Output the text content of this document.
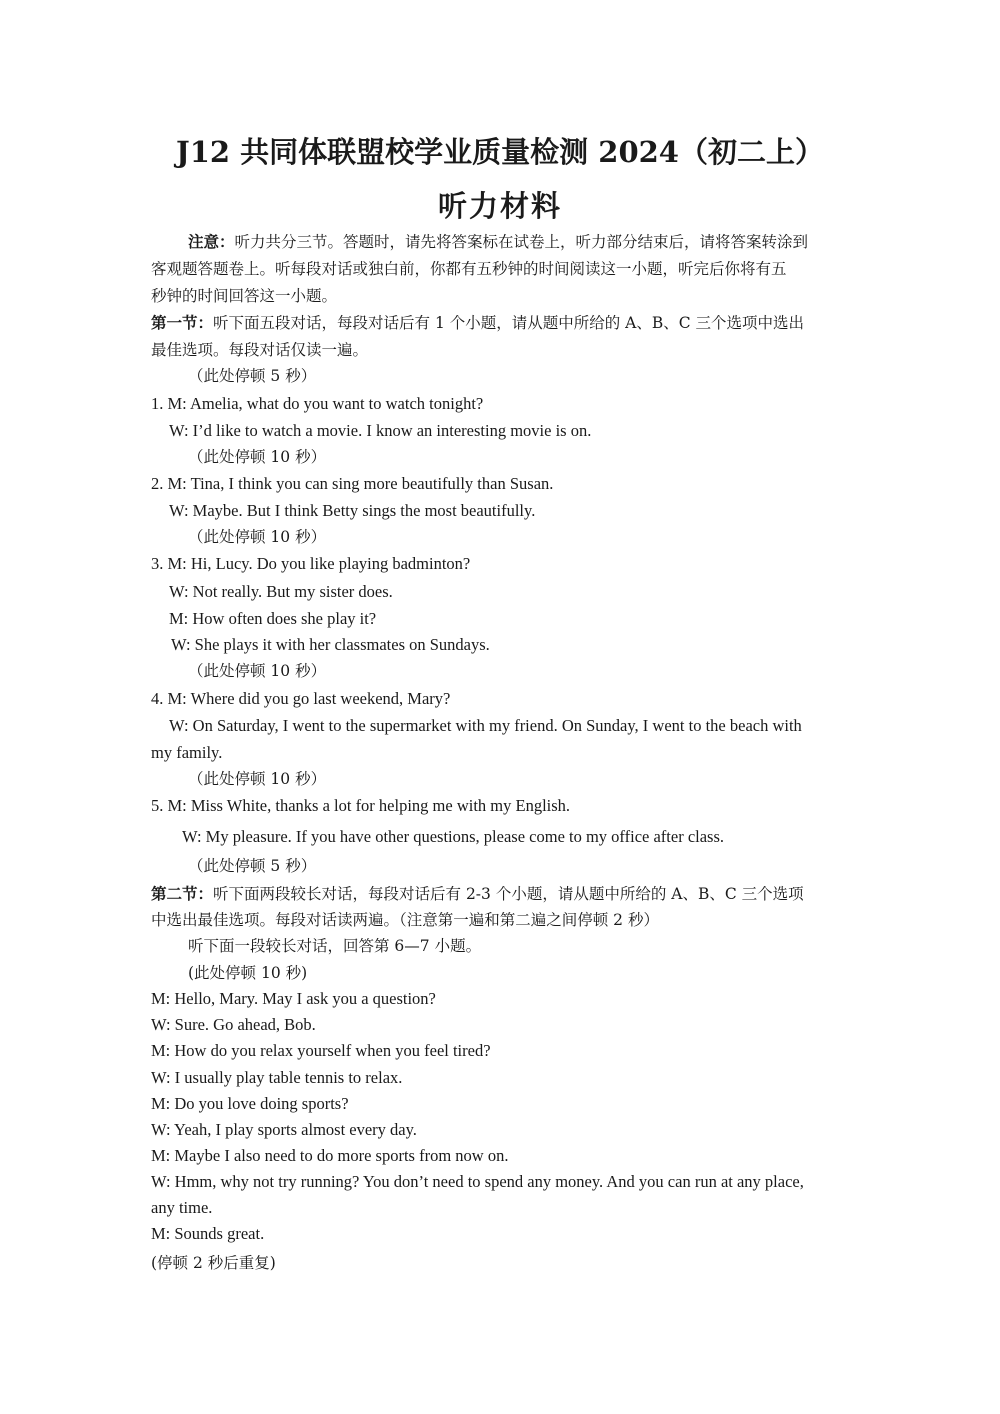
J12 共同体联盟校学业质量检测 2024（初二上）
听力材料

注意：听力共分三节。答题时，请先将答案标在试卷上，听力部分结束后，请将答案转涂到

客观题答题卷上。听每段对话或独白前，你都有五秒钟的时间阅读这一小题，听完后你将有五

秒钟的时间回答这一小题。

第一节：听下面五段对话，每段对话后有 1 个小题，请从题中所给的 A、B、C 三个选项中选出

最佳选项。每段对话仅读一遍。

（此处停顿 5 秒）

1. M: Amelia, what do you want to watch tonight?

W: I’d like to watch a movie. I know an interesting movie is on.

（此处停顿 10 秒）

2. M: Tina, I think you can sing more beautifully than Susan.

W: Maybe. But I think Betty sings the most beautifully.

（此处停顿 10 秒）

3. M: Hi, Lucy. Do you like playing badminton?

W: Not really. But my sister does.

M: How often does she play it?

W: She plays it with her classmates on Sundays.

（此处停顿 10 秒）

4. M: Where did you go last weekend, Mary?

W: On Saturday, I went to the supermarket with my friend. On Sunday, I went to the beach with

my family.

（此处停顿 10 秒）

5. M: Miss White, thanks a lot for helping me with my English.

W: My pleasure. If you have other questions, please come to my office after class.

（此处停顿 5 秒）

第二节：听下面两段较长对话，每段对话后有 2-3 个小题，请从题中所给的 A、B、C 三个选项

中选出最佳选项。每段对话读两遍。（注意第一遍和第二遍之间停顿 2 秒）

听下面一段较长对话，回答第 6—7 小题。

(此处停顿 10 秒)

M: Hello, Mary. May I ask you a question?

W: Sure. Go ahead, Bob.

M: How do you relax yourself when you feel tired?

W: I usually play table tennis to relax.

M: Do you love doing sports?

W: Yeah, I play sports almost every day.

M: Maybe I also need to do more sports from now on.

W: Hmm, why not try running? You don’t need to spend any money. And you can run at any place,

any time.

M: Sounds great.

(停顿 2 秒后重复)
